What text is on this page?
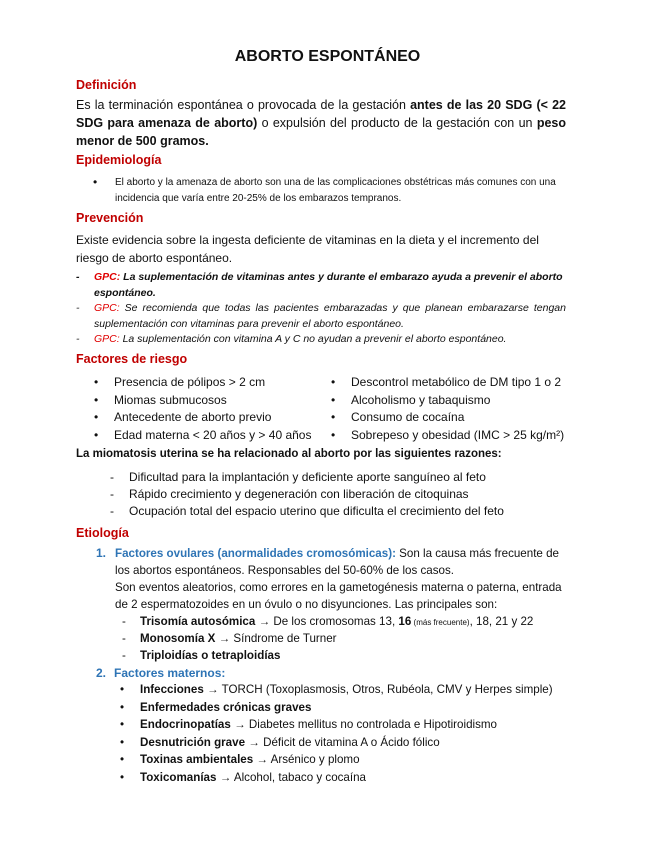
ABORTO ESPONTÁNEO
Definición
Es la terminación espontánea o provocada de la gestación antes de las 20 SDG (< 22 SDG para amenaza de aborto) o expulsión del producto de la gestación con un peso menor de 500 gramos.
Epidemiología
• El aborto y la amenaza de aborto son una de las complicaciones obstétricas más comunes con una incidencia que varía entre 20-25% de los embarazos tempranos.
Prevención
Existe evidencia sobre la ingesta deficiente de vitaminas en la dieta y el incremento del riesgo de aborto espontáneo.
- GPC: La suplementación de vitaminas antes y durante el embarazo ayuda a prevenir el aborto espontáneo.
- GPC: Se recomienda que todas las pacientes embarazadas y que planean embarazarse tengan suplementación con vitaminas para prevenir el aborto espontáneo.
- GPC: La suplementación con vitamina A y C no ayudan a prevenir el aborto espontáneo.
Factores de riesgo
• Presencia de pólipos > 2 cm
• Miomas submucosos
• Antecedente de aborto previo
• Edad materna < 20 años y > 40 años
• Descontrol metabólico de DM tipo 1 o 2
• Alcoholismo y tabaquismo
• Consumo de cocaína
• Sobrepeso y obesidad (IMC > 25 kg/m²)
La miomatosis uterina se ha relacionado al aborto por las siguientes razones:
- Dificultad para la implantación y deficiente aporte sanguíneo al feto
- Rápido crecimiento y degeneración con liberación de citoquinas
- Ocupación total del espacio uterino que dificulta el crecimiento del feto
Etiología
1. Factores ovulares (anormalidades cromosómicas): Son la causa más frecuente de los abortos espontáneos. Responsables del 50-60% de los casos.
Son eventos aleatorios, como errores en la gametogénesis materna o paterna, entrada de 2 espermatozoides en un óvulo o no disyunciones. Las principales son:
- Trisomía autosómica → De los cromosomas 13, 16 (más frecuente), 18, 21 y 22
- Monosomía X → Síndrome de Turner
- Triploidías o tetraploidías
2. Factores maternos:
• Infecciones → TORCH (Toxoplasmosis, Otros, Rubéola, CMV y Herpes simple)
• Enfermedades crónicas graves
• Endocrinopatías → Diabetes mellitus no controlada e Hipotiroidismo
• Desnutrición grave → Déficit de vitamina A o Ácido fólico
• Toxinas ambientales → Arsénico y plomo
• Toxicomanías → Alcohol, tabaco y cocaína
